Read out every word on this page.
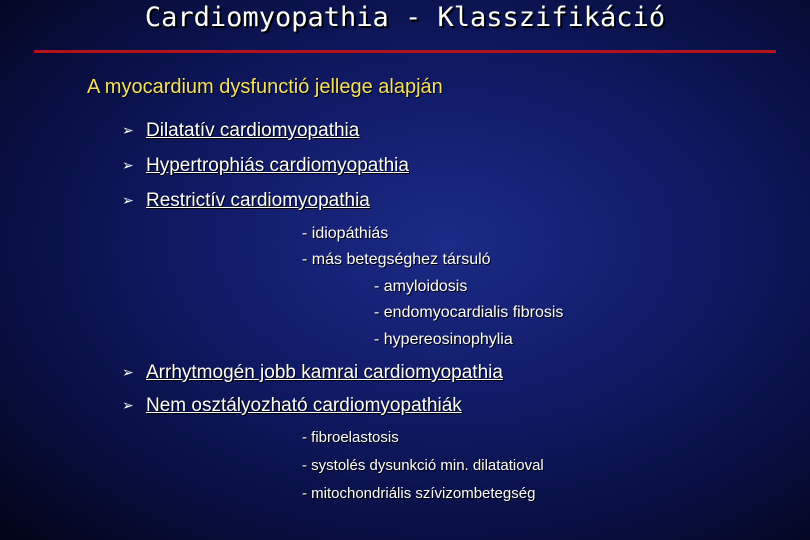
Cardiomyopathia - Klasszifikáció
A myocardium dysfunctió jellege alapján
➢ Dilatatív cardiomyopathia
➢ Hypertrophiás cardiomyopathia
➢ Restrictív cardiomyopathia
- idiopáthiás
- más betegséghez társuló
- amyloidosis
- endomyocardialis fibrosis
- hypereosinophylia
➢ Arrhytmogén jobb kamrai cardiomyopathia
➢ Nem osztályozható cardiomyopathiák
- fibroelastosis
- systolés dysunkció min. dilatatioval
- mitochondriális szívizombetegség
